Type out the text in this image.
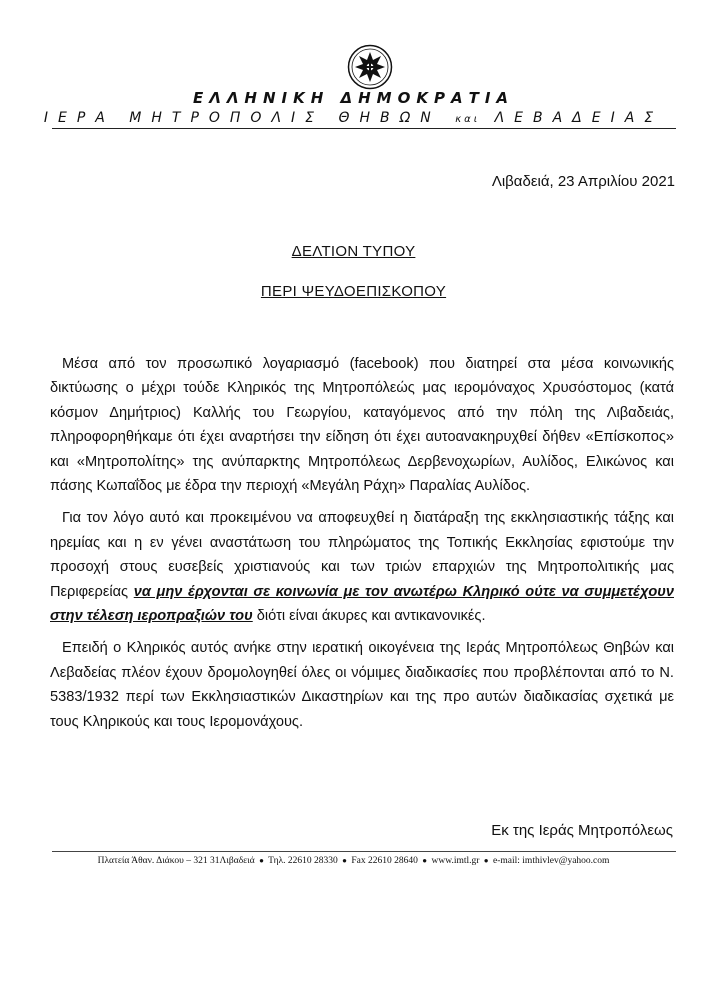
ΕΛΛΗΝΙΚΗ ΔΗΜΟΚΡΑΤΙΑ
ΙΕΡΑ ΜΗΤΡΟΠΟΛΙΣ ΘΗΒΩΝ και ΛΕΒΑΔΕΙΑΣ
Λιβαδειά, 23 Απριλίου 2021
ΔΕΛΤΙΟΝ ΤΥΠΟΥ
ΠΕΡΙ ΨΕΥΔΟΕΠΙΣΚΟΠΟΥ

Μέσα από τον προσωπικό λογαριασμό (facebook) που διατηρεί στα μέσα κοινωνικής δικτύωσης ο μέχρι τούδε Κληρικός της Μητροπόλεώς μας ιερομόναχος Χρυσόστομος (κατά κόσμον Δημήτριος) Καλλής του Γεωργίου, καταγόμενος από την πόλη της Λιβαδειάς, πληροφορηθήκαμε ότι έχει αναρτήσει την είδηση ότι έχει αυτοανακηρυχθεί δήθεν «Επίσκοπος» και «Μητροπολίτης» της ανύπαρκτης Μητροπόλεως Δερβενοχωρίων, Αυλίδος, Ελικώνος και πάσης Κωπαΐδος με έδρα την περιοχή «Μεγάλη Ράχη» Παραλίας Αυλίδος.

Για τον λόγο αυτό και προκειμένου να αποφευχθεί η διατάραξη της εκκλησιαστικής τάξης και ηρεμίας και η εν γένει αναστάτωση του πληρώματος της Τοπικής Εκκλησίας εφιστούμε την προσοχή στους ευσεβείς χριστιανούς και των τριών επαρχιών της Μητροπολιτικής μας Περιφερείας να μην έρχονται σε κοινωνία με τον ανωτέρω Κληρικό ούτε να συμμετέχουν στην τέλεση ιεροπραξιών του διότι είναι άκυρες και αντικανονικές.

Επειδή ο Κληρικός αυτός ανήκε στην ιερατική οικογένεια της Ιεράς Μητροπόλεως Θηβών και Λεβαδείας πλέον έχουν δρομολογηθεί όλες οι νόμιμες διαδικασίες που προβλέπονται από το Ν. 5383/1932 περί των Εκκλησιαστικών Δικαστηρίων και της προ αυτών διαδικασίας σχετικά με τους Κληρικούς και τους Ιερομονάχους.

Εκ της Ιεράς Μητροπόλεως
Πλατεία Άθαν. Διάκου – 321 31Λιβαδειά ● Τηλ. 22610 28330 ● Fax 22610 28640 ● www.imtl.gr ● e-mail: imthivlev@yahoo.com
